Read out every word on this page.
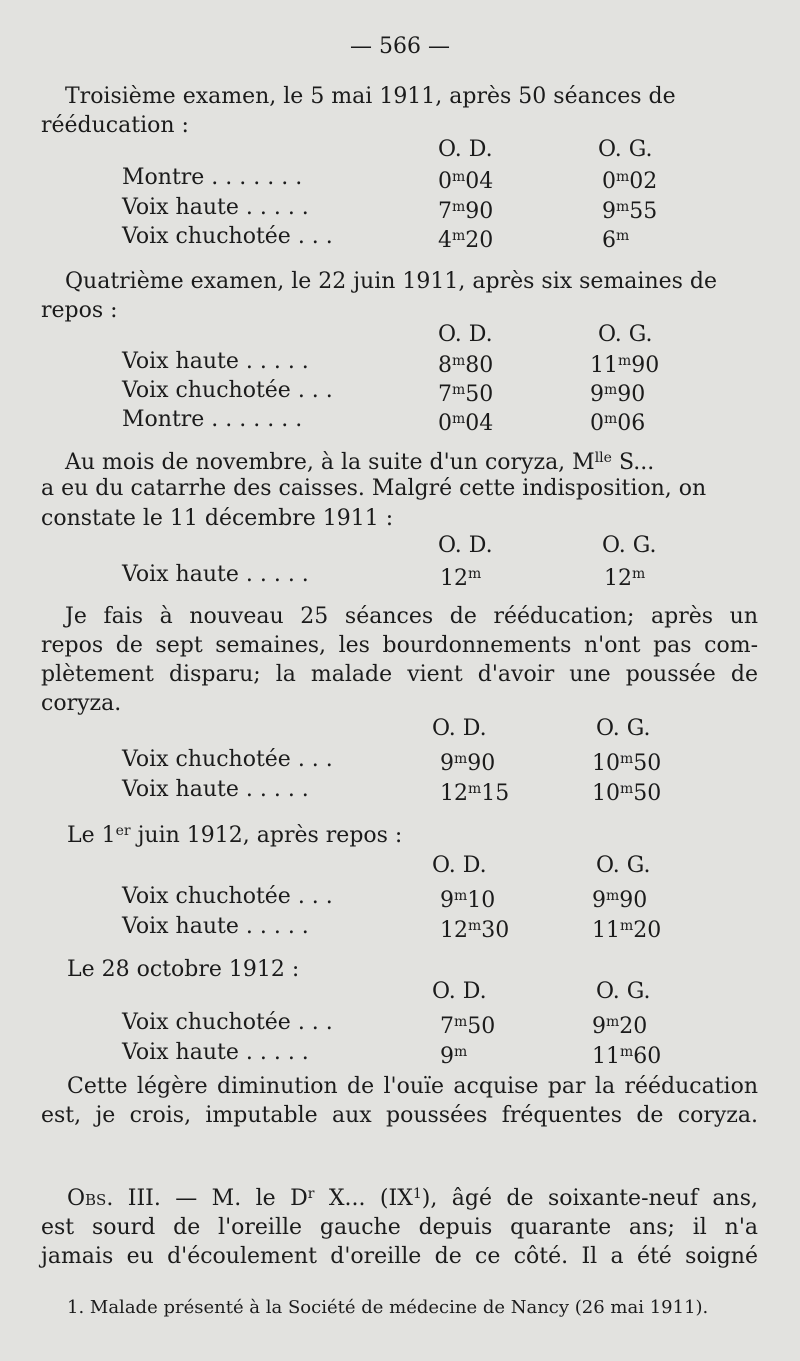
— 566 —
Troisième examen, le 5 mai 1911, après 50 séances de
rééducation :
O. D.	O. G.
Montre . . . . . . .	0$^m$04	0$^m$02
Voix haute . . . . .	7$^m$90	9$^m$55
Voix chuchotée . . .	4$^m$20	6$^m$
Quatrième examen, le 22 juin 1911, après six semaines de
repos :
O. D.	O. G.
Voix haute . . . . .	8$^m$80	11$^m$90
Voix chuchotée . . .	7$^m$50	9$^m$90
Montre . . . . . . .	0$^m$04	0$^m$06
Au mois de novembre, à la suite d'un coryza, $M^{lle}$ S...
a eu du catarrhe des caisses. Malgré cette indisposition, on
constate le 11 décembre 1911 :
O. D.	O. G.
Voix haute . . . . .	12$^m$	12$^m$
Je fais à nouveau 25 séances de rééducation; après un
repos de sept semaines, les bourdonnements n'ont pas com-
plètement disparu; la malade vient d'avoir une poussée de
coryza.
O. D.	O. G.
Voix chuchotée . . .	9$^m$90	10$^m$50
Voix haute . . . . .	12$^m$15	10$^m$50
Le 1er juin 1912, après repos :
O. D.	O. G.
Voix chuchotée . . .	9$^m$10	9$^m$90
Voix haute . . . . .	12$^m$30	11$^m$20
Le 28 octobre 1912 :
O. D.	O. G.
Voix chuchotée . . .	7$^m$50	9$^m$20
Voix haute . . . . .	9$^m$	11$^m$60
Cette légère diminution de l'ouïe acquise par la rééducation
est, je crois, imputable aux poussées fréquentes de coryza.
Obs. III. — M. le $D^r$ X... $(IX^1)$, âgé de soixante-neuf ans,
est sourd de l'oreille gauche depuis quarante ans; il n'a
jamais eu d'écoulement d'oreille de ce côté. Il a été soigné
1. Malade présenté à la Société de médecine de Nancy (26 mai 1911).
